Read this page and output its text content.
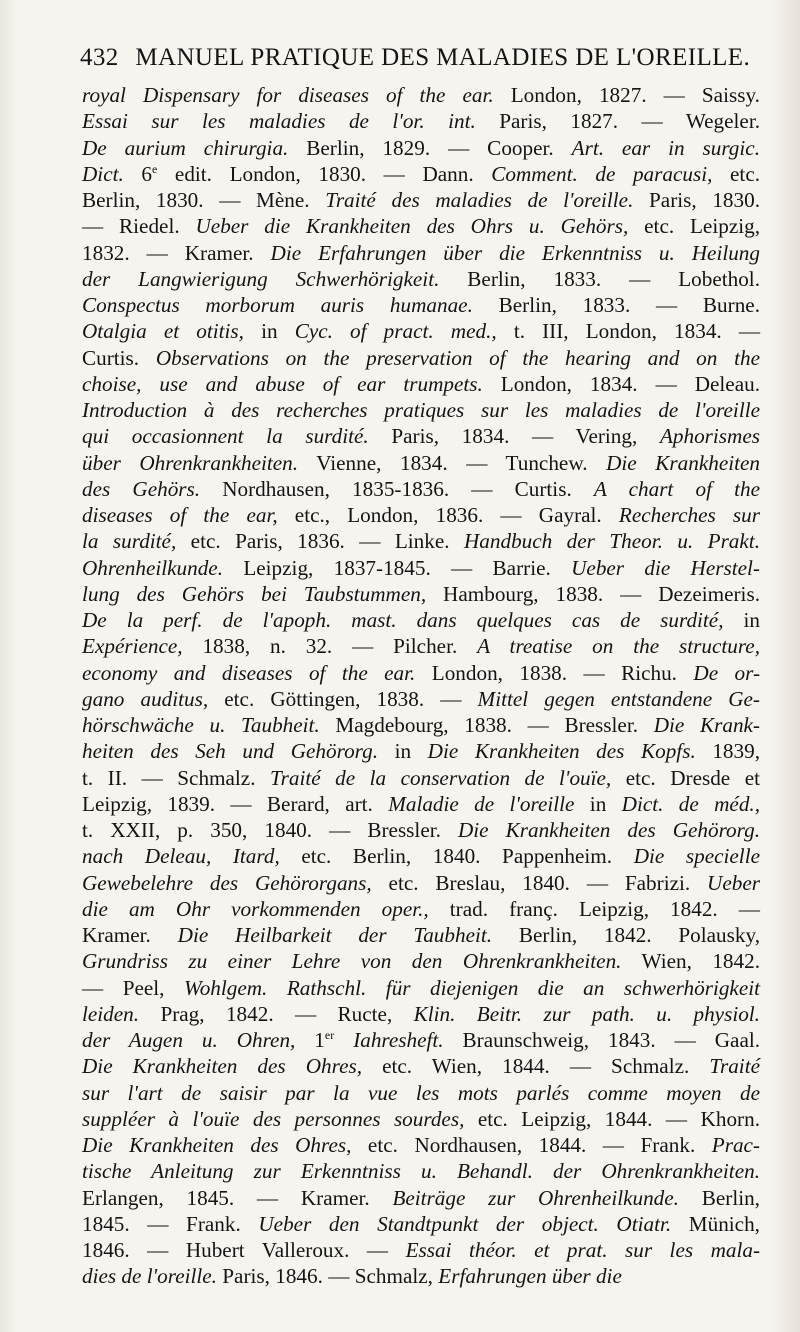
432 MANUEL PRATIQUE DES MALADIES DE L'OREILLE.
royal Dispensary for diseases of the ear. London, 1827. — Saissy.
Essai sur les maladies de l'or. int. Paris, 1827. — Wegeler.
De aurium chirurgia. Berlin, 1829. — Cooper. Art. ear in surgic.
Dict. 6e edit. London, 1830. — Dann. Comment. de paracusi, etc.
Berlin, 1830. — Mène. Traité des maladies de l'oreille. Paris, 1830.
— Riedel. Ueber die Krankheiten des Ohrs u. Gehörs, etc. Leipzig,
1832. — Kramer. Die Erfahrungen über die Erkenntniss u. Heilung
der Langwierigung Schwerhörigkeit. Berlin, 1833. — Lobethol.
Conspectus morborum auris humanae. Berlin, 1833. — Burne.
Otalgia et otitis, in Cyc. of pract. med., t. III, London, 1834. —
Curtis. Observations on the preservation of the hearing and on the
choise, use and abuse of ear trumpets. London, 1834. — Deleau.
Introduction à des recherches pratiques sur les maladies de l'oreille
qui occasionnent la surdité. Paris, 1834. — Vering, Aphorismes
über Ohrenkrankheiten. Vienne, 1834. — Tunchew. Die Krankheiten
des Gehörs. Nordhausen, 1835-1836. — Curtis. A chart of the
diseases of the ear, etc., London, 1836. — Gayral. Recherches sur
la surdité, etc. Paris, 1836. — Linke. Handbuch der Theor. u. Prakt.
Ohrenheilkunde. Leipzig, 1837-1845. — Barrie. Ueber die Herstel-
lung des Gehörs bei Taubstummen, Hambourg, 1838. — Dezeimeris.
De la perf. de l'apoph. mast. dans quelques cas de surdité, in
Expérience, 1838, n. 32. — Pilcher. A treatise on the structure,
economy and diseases of the ear. London, 1838. — Richu. De or-
gano auditus, etc. Göttingen, 1838. — Mittel gegen entstandene Ge-
hörschwäche u. Taubheit. Magdebourg, 1838. — Bressler. Die Krank-
heiten des Seh und Gehörorg. in Die Krankheiten des Kopfs. 1839,
t. II. — Schmalz. Traité de la conservation de l'ouïe, etc. Dresde et
Leipzig, 1839. — Berard, art. Maladie de l'oreille in Dict. de méd.,
t. XXII, p. 350, 1840. — Bressler. Die Krankheiten des Gehörorg.
nach Deleau, Itard, etc. Berlin, 1840. Pappenheim. Die specielle
Gewebelehre des Gehörorgans, etc. Breslau, 1840. — Fabrizi. Ueber
die am Ohr vorkommenden oper., trad. franç. Leipzig, 1842. —
Kramer. Die Heilbarkeit der Taubheit. Berlin, 1842. Polausky,
Grundriss zu einer Lehre von den Ohrenkrankheiten. Wien, 1842.
— Peel, Wohlgem. Rathschl. für diejenigen die an schwerhörigkeit
leiden. Prag, 1842. — Ructe, Klin. Beitr. zur path. u. physiol.
der Augen u. Ohren, 1er Iahresheft. Braunschweig, 1843. — Gaal.
Die Krankheiten des Ohres, etc. Wien, 1844. — Schmalz. Traité
sur l'art de saisir par la vue les mots parlés comme moyen de
suppléer à l'ouïe des personnes sourdes, etc. Leipzig, 1844. — Khorn.
Die Krankheiten des Ohres, etc. Nordhausen, 1844. — Frank. Prac-
tische Anleitung zur Erkenntniss u. Behandl. der Ohrenkrankheiten.
Erlangen, 1845. — Kramer. Beiträge zur Ohrenheilkunde. Berlin,
1845. — Frank. Ueber den Standtpunkt der object. Otiatr. Münich,
1846. — Hubert Valleroux. — Essai théor. et prat. sur les mala-
dies de l'oreille. Paris, 1846. — Schmalz, Erfahrungen über die
